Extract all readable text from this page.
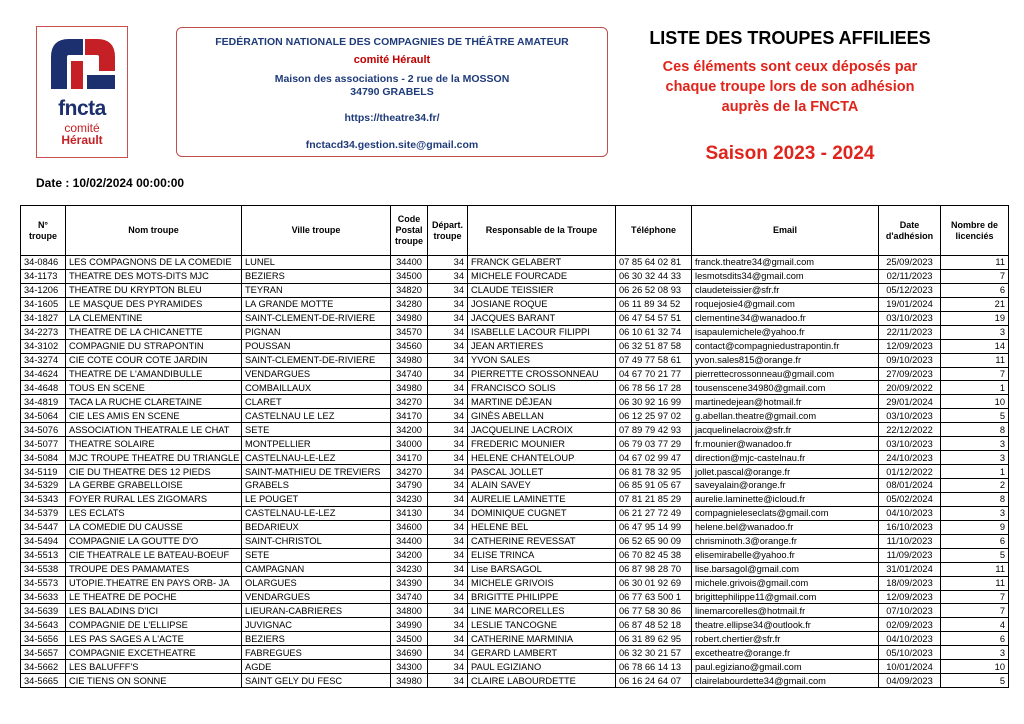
fncta
comité
Hérault
FEDÉRATION NATIONALE DES COMPAGNIES DE THÉÂTRE AMATEUR
comité Hérault
Maison des associations - 2 rue de la MOSSON
34790 GRABELS
https://theatre34.fr/
fnctacd34.gestion.site@gmail.com
LISTE DES TROUPES AFFILIEES
Ces éléments sont ceux déposés par
chaque troupe lors de son adhésion
auprès de la FNCTA
Saison 2023 - 2024
Date : 10/02/2024 00:00:00
N° troupe	Nom troupe	Ville troupe	Code Postal troupe	Départ. troupe	Responsable de la Troupe	Téléphone	Email	Date d'adhésion	Nombre de licenciés
34-0846	LES COMPAGNONS DE LA COMEDIE	LUNEL	34400	34	FRANCK GELABERT	07 85 64 02 81	franck.theatre34@gmail.com	25/09/2023	11
34-1173	THEATRE DES MOTS-DITS MJC	BEZIERS	34500	34	MICHELE FOURCADE	06 30 32 44 33	lesmotsdits34@gmail.com	02/11/2023	7
34-1206	THEATRE DU KRYPTON BLEU	TEYRAN	34820	34	CLAUDE TEISSIER	06 26 52 08 93	claudeteissier@sfr.fr	05/12/2023	6
34-1605	LE MASQUE DES PYRAMIDES	LA GRANDE MOTTE	34280	34	JOSIANE ROQUE	06 11 89 34 52	roquejosie4@gmail.com	19/01/2024	21
34-1827	LA CLEMENTINE	SAINT-CLEMENT-DE-RIVIERE	34980	34	JACQUES BARANT	06 47 54 57 51	clementine34@wanadoo.fr	03/10/2023	19
34-2273	THEATRE DE LA CHICANETTE	PIGNAN	34570	34	ISABELLE LACOUR FILIPPI	06 10 61 32 74	isapaulemichele@yahoo.fr	22/11/2023	3
34-3102	COMPAGNIE DU STRAPONTIN	POUSSAN	34560	34	JEAN ARTIERES	06 32 51 87 58	contact@compagniedustrapontin.fr	12/09/2023	14
34-3274	CIE COTE COUR COTE JARDIN	SAINT-CLEMENT-DE-RIVIERE	34980	34	YVON SALES	07 49 77 58 61	yvon.sales815@orange.fr	09/10/2023	11
34-4624	THEATRE DE L'AMANDIBULLE	VENDARGUES	34740	34	PIERRETTE CROSSONNEAU	04 67 70 21 77	pierrettecrossonneau@gmail.com	27/09/2023	7
34-4648	TOUS EN SCENE	COMBAILLAUX	34980	34	FRANCISCO SOLIS	06 78 56 17 28	tousenscene34980@gmail.com	20/09/2022	1
34-4819	TACA LA RUCHE CLARETAINE	CLARET	34270	34	MARTINE DÉJEAN	06 30 92 16 99	martinedejean@hotmail.fr	29/01/2024	10
34-5064	CIE LES AMIS EN SCENE	CASTELNAU LE LEZ	34170	34	GINÈS ABELLAN	06 12 25 97 02	g.abellan.theatre@gmail.com	03/10/2023	5
34-5076	ASSOCIATION THEATRALE LE CHAT	SETE	34200	34	JACQUELINE LACROIX	07 89 79 42 93	jacquelinelacroix@sfr.fr	22/12/2022	8
34-5077	THEATRE SOLAIRE	MONTPELLIER	34000	34	FREDERIC MOUNIER	06 79 03 77 29	fr.mounier@wanadoo.fr	03/10/2023	3
34-5084	MJC TROUPE THEATRE DU TRIANGLE	CASTELNAU-LE-LEZ	34170	34	HELENE CHANTELOUP	04 67 02 99 47	direction@mjc-castelnau.fr	24/10/2023	3
34-5119	CIE DU THEATRE DES 12 PIEDS	SAINT-MATHIEU DE TREVIERS	34270	34	PASCAL JOLLET	06 81 78 32 95	jollet.pascal@orange.fr	01/12/2022	1
34-5329	LA GERBE GRABELLOISE	GRABELS	34790	34	ALAIN SAVEY	06 85 91 05 67	saveyalain@orange.fr	08/01/2024	2
34-5343	FOYER RURAL LES ZIGOMARS	LE POUGET	34230	34	AURELIE LAMINETTE	07 81 21 85 29	aurelie.laminette@icloud.fr	05/02/2024	8
34-5379	LES ECLATS	CASTELNAU-LE-LEZ	34130	34	DOMINIQUE CUGNET	06 21 27 72 49	compagnieleseclats@gmail.com	04/10/2023	3
34-5447	LA COMEDIE DU CAUSSE	BEDARIEUX	34600	34	HELENE BEL	06 47 95 14 99	helene.bel@wanadoo.fr	16/10/2023	9
34-5494	COMPAGNIE LA GOUTTE D'O	SAINT-CHRISTOL	34400	34	CATHERINE REVESSAT	06 52 65 90 09	chrisminoth.3@orange.fr	11/10/2023	6
34-5513	CIE THEATRALE LE BATEAU-BOEUF	SETE	34200	34	ELISE TRINCA	06 70 82 45 38	elisemirabelle@yahoo.fr	11/09/2023	5
34-5538	TROUPE DES PAMAMATES	CAMPAGNAN	34230	34	Lise BARSAGOL	06 87 98 28 70	lise.barsagol@gmail.com	31/01/2024	11
34-5573	UTOPIE.THEATRE EN PAYS ORB- JA	OLARGUES	34390	34	MICHELE GRIVOIS	06 30 01 92 69	michele.grivois@gmail.com	18/09/2023	11
34-5633	LE THEATRE DE POCHE	VENDARGUES	34740	34	BRIGITTE PHILIPPE	06 77 63 500 1	brigittephilippe11@gmail.com	12/09/2023	7
34-5639	LES BALADINS D'ICI	LIEURAN-CABRIERES	34800	34	LINE MARCORELLES	06 77 58 30 86	linemarcorelles@hotmail.fr	07/10/2023	7
34-5643	COMPAGNIE DE L'ELLIPSE	JUVIGNAC	34990	34	LESLIE TANCOGNE	06 87 48 52 18	theatre.ellipse34@outlook.fr	02/09/2023	4
34-5656	LES PAS SAGES A L'ACTE	BEZIERS	34500	34	CATHERINE MARMINIA	06 31 89 62 95	robert.chertier@sfr.fr	04/10/2023	6
34-5657	COMPAGNIE EXCETHEATRE	FABREGUES	34690	34	GERARD LAMBERT	06 32 30 21 57	excetheatre@orange.fr	05/10/2023	3
34-5662	LES BALUFFF'S	AGDE	34300	34	PAUL EGIZIANO	06 78 66 14 13	paul.egiziano@gmail.com	10/01/2024	10
34-5665	CIE TIENS ON SONNE	SAINT GELY DU FESC	34980	34	CLAIRE LABOURDETTE	06 16 24 64 07	clairelabourdette34@gmail.com	04/09/2023	5
